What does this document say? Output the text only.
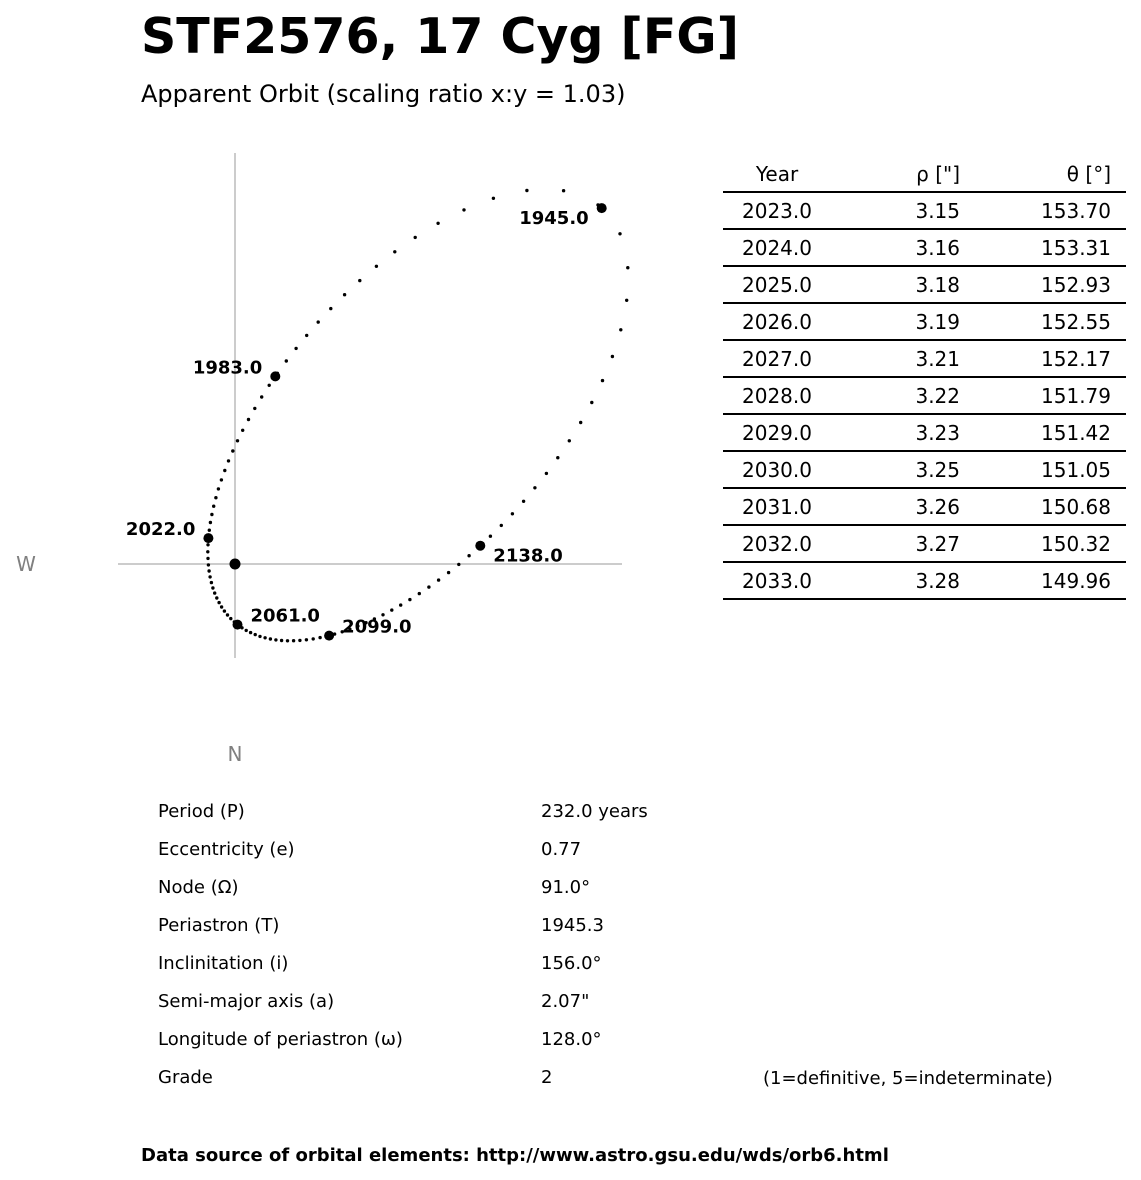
STF2576, 17 Cyg [FG]
Apparent Orbit (scaling ratio x:y = 1.03)
1945.0
1983.0
2022.0
2061.0
2099.0
2138.0
W
N
Year	ρ ["]	θ [°]
2023.0	3.15	153.70
2024.0	3.16	153.31
2025.0	3.18	152.93
2026.0	3.19	152.55
2027.0	3.21	152.17
2028.0	3.22	151.79
2029.0	3.23	151.42
2030.0	3.25	151.05
2031.0	3.26	150.68
2032.0	3.27	150.32
2033.0	3.28	149.96
Period (P)	232.0 years
Eccentricity (e)	0.77
Node (Ω)	91.0°
Periastron (T)	1945.3
Inclinitation (i)	156.0°
Semi-major axis (a)	2.07"
Longitude of periastron (ω)	128.0°
Grade	2	(1=definitive, 5=indeterminate)
Data source of orbital elements: http://www.astro.gsu.edu/wds/orb6.html
